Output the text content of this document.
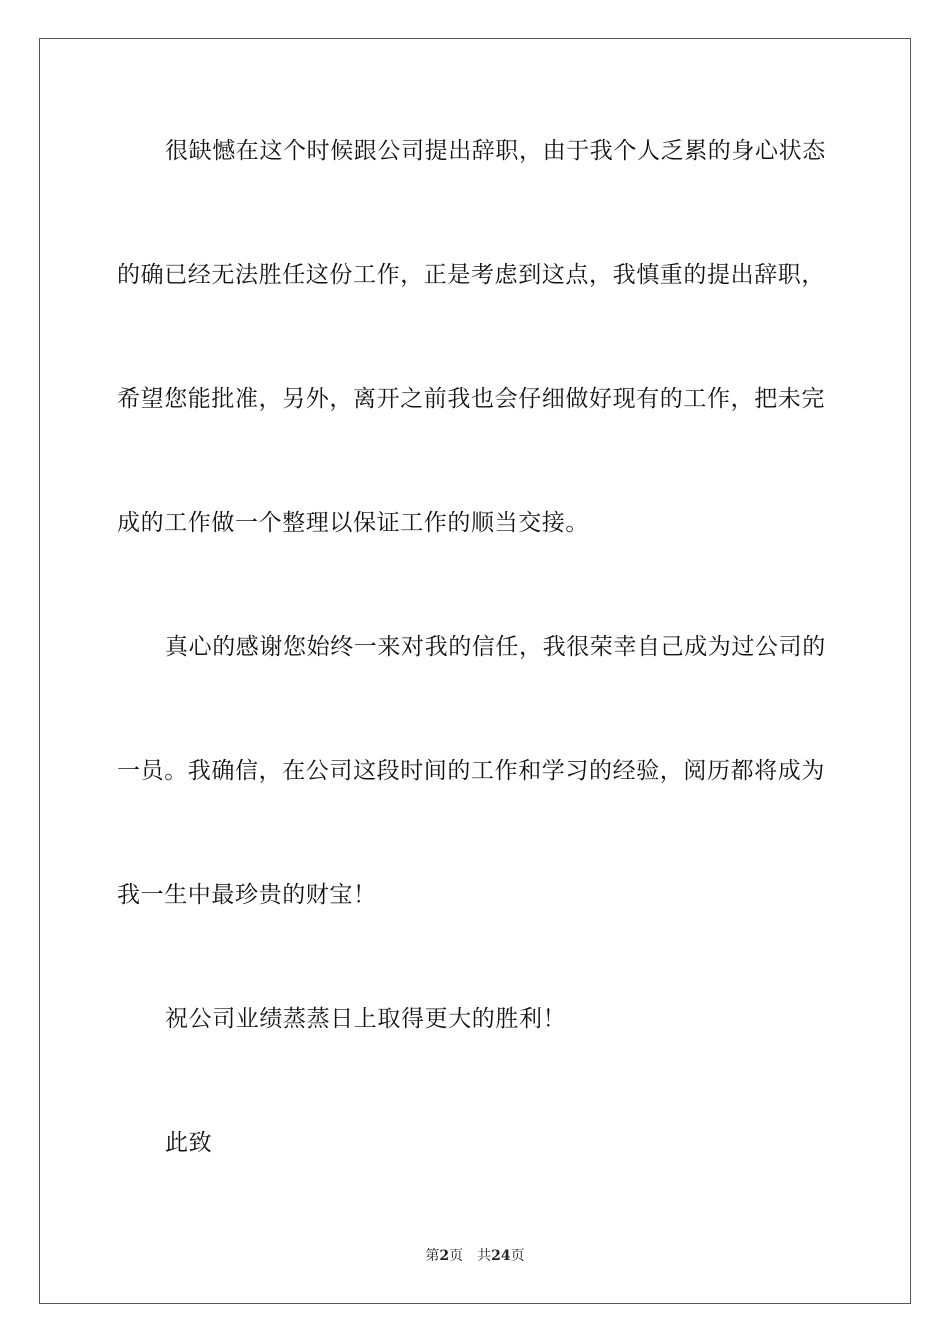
很缺憾在这个时候跟公司提出辞职，由于我个人乏累的身心状态
的确已经无法胜任这份工作，正是考虑到这点，我慎重的提出辞职，
希望您能批准，另外，离开之前我也会仔细做好现有的工作，把未完
成的工作做一个整理以保证工作的顺当交接。
真心的感谢您始终一来对我的信任，我很荣幸自己成为过公司的
一员。我确信，在公司这段时间的工作和学习的经验，阅历都将成为
我一生中最珍贵的财宝！
祝公司业绩蒸蒸日上取得更大的胜利！
此致
第2页 共24页
